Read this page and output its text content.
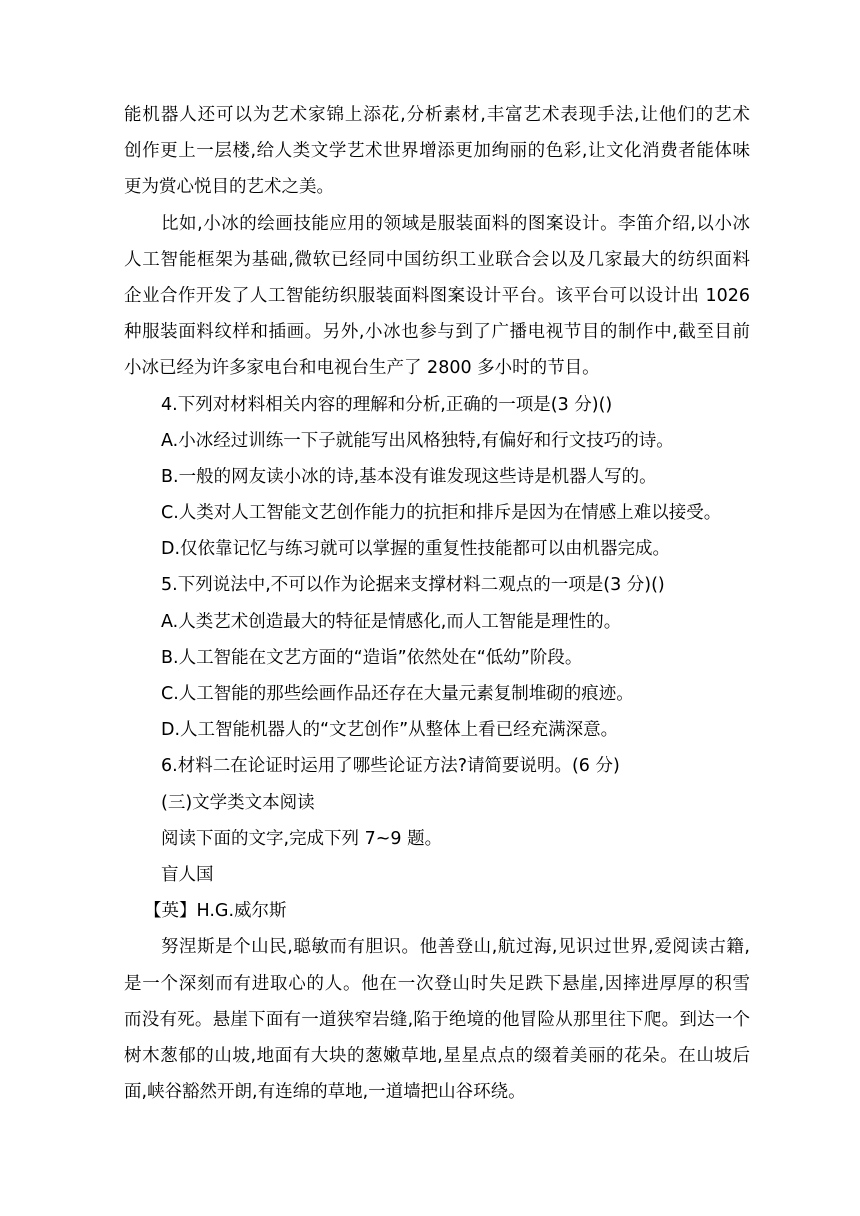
能机器人还可以为艺术家锦上添花,分析素材,丰富艺术表现手法,让他们的艺术
创作更上一层楼,给人类文学艺术世界增添更加绚丽的色彩,让文化消费者能体味
更为赏心悦目的艺术之美。
比如,小冰的绘画技能应用的领域是服装面料的图案设计。李笛介绍,以小冰
人工智能框架为基础,微软已经同中国纺织工业联合会以及几家最大的纺织面料
企业合作开发了人工智能纺织服装面料图案设计平台。该平台可以设计出 1026
种服装面料纹样和插画。另外,小冰也参与到了广播电视节目的制作中,截至目前
小冰已经为许多家电台和电视台生产了 2800 多小时的节目。
4.下列对材料相关内容的理解和分析,正确的一项是(3 分)()
A.小冰经过训练一下子就能写出风格独特,有偏好和行文技巧的诗。
B.一般的网友读小冰的诗,基本没有谁发现这些诗是机器人写的。
C.人类对人工智能文艺创作能力的抗拒和排斥是因为在情感上难以接受。
D.仅依靠记忆与练习就可以掌握的重复性技能都可以由机器完成。
5.下列说法中,不可以作为论据来支撑材料二观点的一项是(3 分)()
A.人类艺术创造最大的特征是情感化,而人工智能是理性的。
B.人工智能在文艺方面的“造诣”依然处在“低幼”阶段。
C.人工智能的那些绘画作品还存在大量元素复制堆砌的痕迹。
D.人工智能机器人的“文艺创作”从整体上看已经充满深意。
6.材料二在论证时运用了哪些论证方法?请简要说明。(6 分)
(三)文学类文本阅读
阅读下面的文字,完成下列 7~9 题。
盲人国
【英】H.G.威尔斯
努涅斯是个山民,聪敏而有胆识。他善登山,航过海,见识过世界,爱阅读古籍,
是一个深刻而有进取心的人。他在一次登山时失足跌下悬崖,因摔进厚厚的积雪
而没有死。悬崖下面有一道狭窄岩缝,陷于绝境的他冒险从那里往下爬。到达一个
树木葱郁的山坡,地面有大块的葱嫩草地,星星点点的缀着美丽的花朵。在山坡后
面,峡谷豁然开朗,有连绵的草地,一道墙把山谷环绕。
